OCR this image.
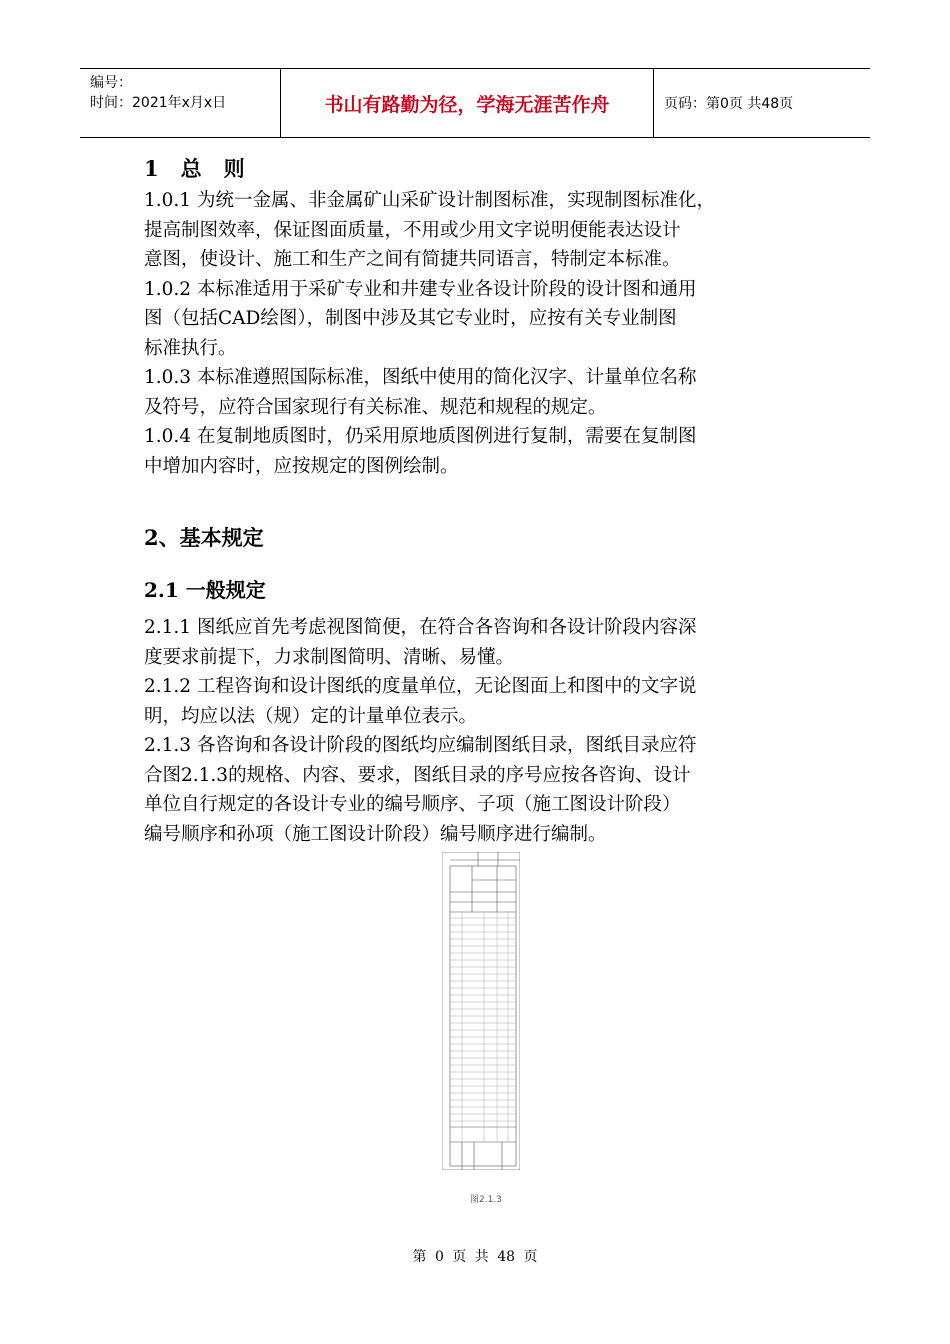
编号：
时间：2021年x月x日	书山有路勤为径，学海无涯苦作舟	页码：第0页 共48页
1 总 则
1.0.1 为统一金属、非金属矿山采矿设计制图标准，实现制图标准化，
提高制图效率，保证图面质量，不用或少用文字说明便能表达设计
意图，使设计、施工和生产之间有简捷共同语言，特制定本标准。
1.0.2 本标准适用于采矿专业和井建专业各设计阶段的设计图和通用
图（包括CAD绘图），制图中涉及其它专业时，应按有关专业制图
标准执行。
1.0.3 本标准遵照国际标准，图纸中使用的简化汉字、计量单位名称
及符号，应符合国家现行有关标准、规范和规程的规定。
1.0.4 在复制地质图时，仍采用原地质图例进行复制，需要在复制图
中增加内容时，应按规定的图例绘制。
2、基本规定
2.1 一般规定
2.1.1 图纸应首先考虑视图简便，在符合各咨询和各设计阶段内容深
度要求前提下，力求制图简明、清晰、易懂。
2.1.2 工程咨询和设计图纸的度量单位，无论图面上和图中的文字说
明，均应以法（规）定的计量单位表示。
2.1.3 各咨询和各设计阶段的图纸均应编制图纸目录，图纸目录应符
合图2.1.3的规格、内容、要求，图纸目录的序号应按各咨询、设计
单位自行规定的各设计专业的编号顺序、子项（施工图设计阶段）
编号顺序和孙项（施工图设计阶段）编号顺序进行编制。
图2.1.3
第 0 页 共 48 页
